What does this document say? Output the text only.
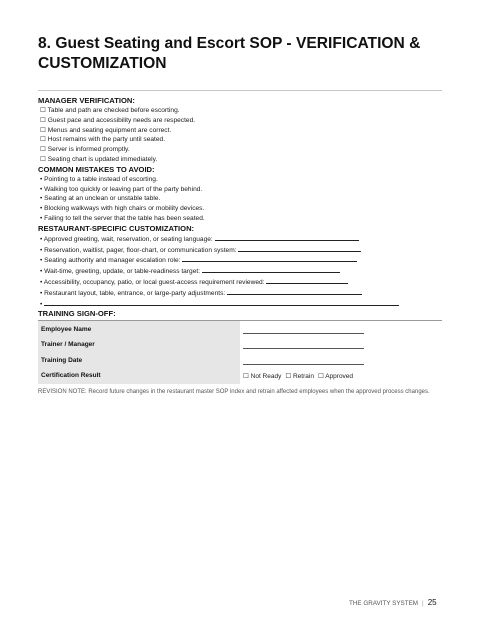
8. Guest Seating and Escort SOP - VERIFICATION & CUSTOMIZATION

MANAGER VERIFICATION:

☐ Table and path are checked before escorting.

☐ Guest pace and accessibility needs are respected.

☐ Menus and seating equipment are correct.

☐ Host remains with the party until seated.

☐ Server is informed promptly.

☐ Seating chart is updated immediately.

COMMON MISTAKES TO AVOID:

• Pointing to a table instead of escorting.

• Walking too quickly or leaving part of the party behind.

• Seating at an unclean or unstable table.

• Blocking walkways with high chairs or mobility devices.

• Failing to tell the server that the table has been seated.

RESTAURANT-SPECIFIC CUSTOMIZATION:

• Approved greeting, wait, reservation, or seating language:

• Reservation, waitlist, pager, floor-chart, or communication system:

• Seating authority and manager escalation role:

• Wait-time, greeting, update, or table-readiness target:

• Accessibility, occupancy, patio, or local guest-access requirement reviewed:

• Restaurant layout, table, entrance, or large-party adjustments:

•

TRAINING SIGN-OFF:

Employee Name
Trainer / Manager
Training Date
Certification Result	☐ Not Ready ☐ Retrain ☐ Approved
REVISION NOTE: Record future changes in the restaurant master SOP index and retrain affected employees when the approved process changes.
THE GRAVITY SYSTEM | 25
